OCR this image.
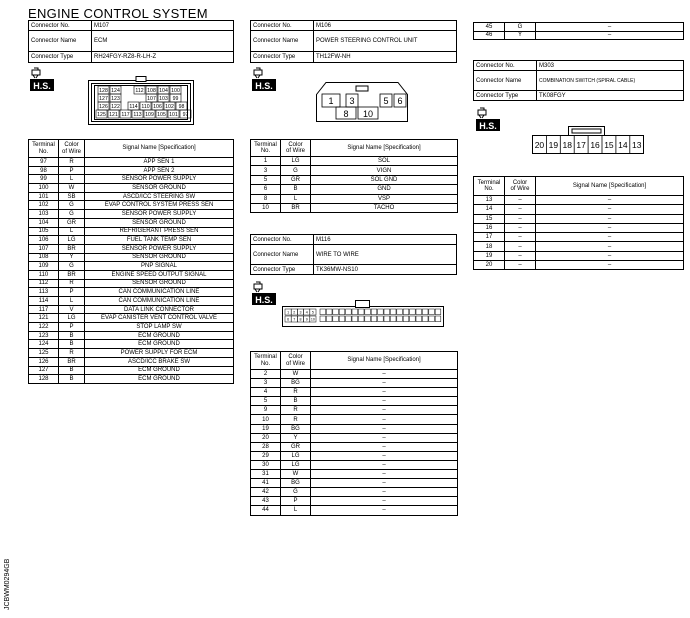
ENGINE CONTROL SYSTEM
Connector No.	M107
Connector Name	ECM
Connector Type	RH24FGY-RZ8-R-LH-Z
H.S.	128 124	112 108 104 100
127 123	107 103 99
126 122 114 110 106 102 98
125 121 117 113 109 105 101 97
Terminal
No.	Color
of Wire	Signal Name [Specification]
97	R	APP SEN 1
98	P	APP SEN 2
99	L	SENSOR POWER SUPPLY
100	W	SENSOR GROUND
101	SB	ASCD/ICC STEERING SW
102	G	EVAP CONTROL SYSTEM PRESS SEN
103	G	SENSOR POWER SUPPLY
104	GR	SENSOR GROUND
105	L	REFRIGERANT PRESS SEN
106	LG	FUEL TANK TEMP SEN
107	BR	SENSOR POWER SUPPLY
108	Y	SENSOR GROUND
109	G	PNP SIGNAL
110	BR	ENGINE SPEED OUTPUT SIGNAL
112	R	SENSOR GROUND
113	P	CAN COMMUNICATION LINE
114	L	CAN COMMUNICATION LINE
117	V	DATA LINK CONNECTOR
121	LG	EVAP CANISTER VENT CONTROL VALVE
122	P	STOP LAMP SW
123	B	ECM GROUND
124	B	ECM GROUND
125	R	POWER SUPPLY FOR ECM
126	BR	ASCD/ICC BRAKE SW
127	B	ECM GROUND
128	B	ECM GROUND
Connector No.	M106
Connector Name	POWER STEERING CONTROL UNIT
Connector Type	TH12FW-NH
H.S.
1 3	5 6
8 10
Terminal
No.	Color
of Wire	Signal Name [Specification]
1	LG	SOL
3	G	VIGN
5	GR	SOL GND
6	B	GND
8	L	VSP
10	BR	TACHO
Connector No.	M116
Connector Name	WIRE TO WIRE
Connector Type	TK36MW-NS10
H.S.
1 2 3 4 5
6 7 8 9 10
Terminal
No.	Color
of Wire	Signal Name [Specification]
2	W	–
3	BG	–
4	R	–
5	B	–
9	R	–
10	R	–
19	BG	–
20	Y	–
28	GR	–
29	LG	–
30	LG	–
31	W	–
41	BG	–
42	G	–
43	P	–
44	L	–
45	G	–
46	Y	–
Connector No.	M303
Connector Name	COMBINATION SWITCH (SPIRAL CABLE)
Connector Type	TK08FGY
H.S.
20 19 18 17 16 15 14 13
Terminal
No.	Color
of Wire	Signal Name [Specification]
13	–	–
14	–	–
15	–	–
16	–	–
17	–	–
18	–	–
19	–	–
20	–	–
JCBWM0294GB
